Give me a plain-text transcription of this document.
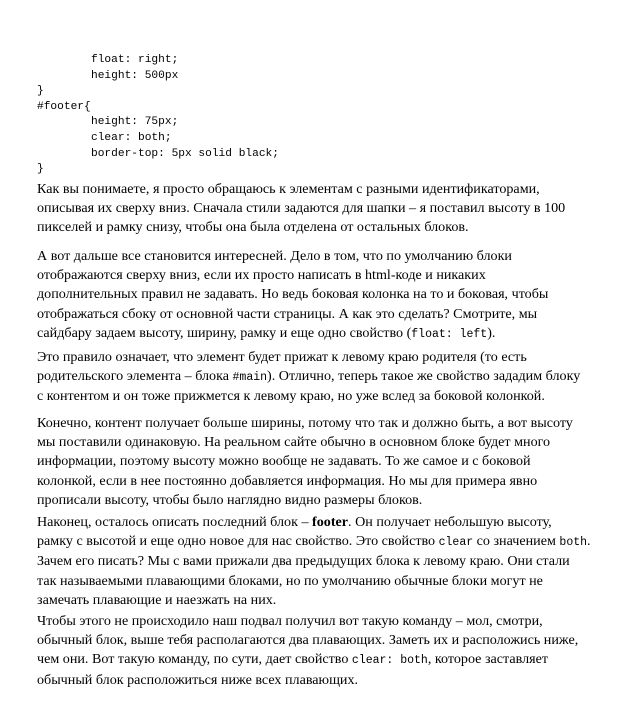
float: right;
height: 500px
}
#footer{
height: 75px;
clear: both;
border-top: 5px solid black;
}
Как вы понимаете, я просто обращаюсь к элементам с разными идентификаторами,
описывая их сверху вниз. Сначала стили задаются для шапки – я поставил высоту в 100
пикселей и рамку снизу, чтобы она была отделена от остальных блоков.
А вот дальше все становится интересней. Дело в том, что по умолчанию блоки
отображаются сверху вниз, если их просто написать в html-коде и никаких
дополнительных правил не задавать. Но ведь боковая колонка на то и боковая, чтобы
отображаться сбоку от основной части страницы. А как это сделать? Смотрите, мы
сайдбару задаем высоту, ширину, рамку и еще одно свойство (float: left).
Это правило означает, что элемент будет прижат к левому краю родителя (то есть
родительского элемента – блока #main). Отлично, теперь такое же свойство зададим блоку
с контентом и он тоже прижмется к левому краю, но уже вслед за боковой колонкой.
Конечно, контент получает больше ширины, потому что так и должно быть, а вот высоту
мы поставили одинаковую. На реальном сайте обычно в основном блоке будет много
информации, поэтому высоту можно вообще не задавать. То же самое и с боковой
колонкой, если в нее постоянно добавляется информация. Но мы для примера явно
прописали высоту, чтобы было наглядно видно размеры блоков.
Наконец, осталось описать последний блок – footer. Он получает небольшую высоту,
рамку с высотой и еще одно новое для нас свойство. Это свойство clear со значением both.
Зачем его писать? Мы с вами прижали два предыдущих блока к левому краю. Они стали
так называемыми плавающими блоками, но по умолчанию обычные блоки могут не
замечать плавающие и наезжать на них.
Чтобы этого не происходило наш подвал получил вот такую команду – мол, смотри,
обычный блок, выше тебя располагаются два плавающих. Заметь их и расположись ниже,
чем они. Вот такую команду, по сути, дает свойство clear: both, которое заставляет
обычный блок расположиться ниже всех плавающих.
